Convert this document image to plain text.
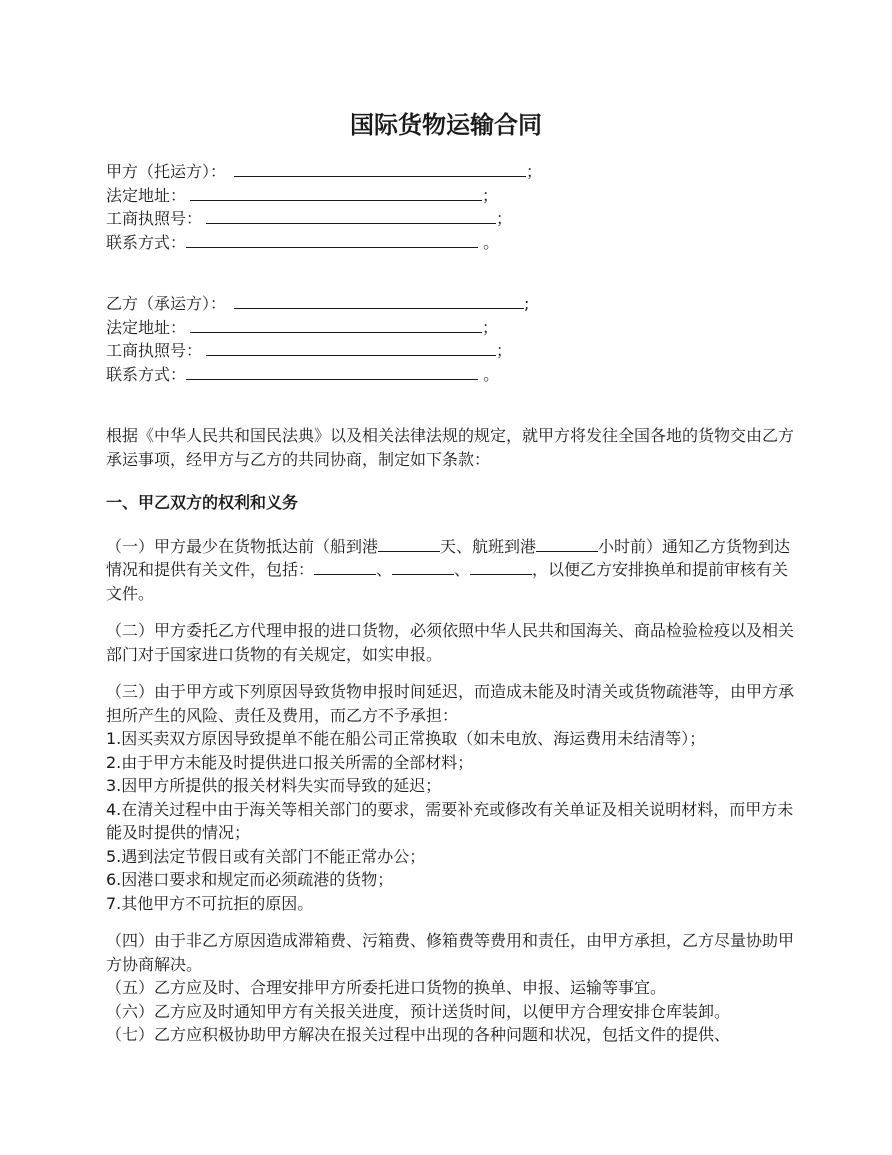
国际货物运输合同
甲方（托运方）：	；
法定地址：	；
工商执照号：	；
联系方式：	。
乙方（承运方）：	;
法定地址：	；
工商执照号：	；
联系方式：	。

根据《中华人民共和国民法典》以及相关法律法规的规定，就甲方将发往全国各地的货物交由乙方承运事项，经甲方与乙方的共同协商，制定如下条款：

一、甲乙双方的权利和义务

（一）甲方最少在货物抵达前（船到港	天、航班到港	小时前）通知乙方货物到达情况和提供有关文件，包括：	、	、	，以便乙方安排换单和提前审核有关文件。

（二）甲方委托乙方代理申报的进口货物，必须依照中华人民共和国海关、商品检验检疫以及相关部门对于国家进口货物的有关规定，如实申报。

（三）由于甲方或下列原因导致货物申报时间延迟，而造成未能及时清关或货物疏港等，由甲方承担所产生的风险、责任及费用，而乙方不予承担：

1.因买卖双方原因导致提单不能在船公司正常换取（如未电放、海运费用未结清等）；
2.由于甲方未能及时提供进口报关所需的全部材料；
3.因甲方所提供的报关材料失实而导致的延迟；
4.在清关过程中由于海关等相关部门的要求，需要补充或修改有关单证及相关说明材料，而甲方未能及时提供的情况；
5.遇到法定节假日或有关部门不能正常办公；
6.因港口要求和规定而必须疏港的货物；
7.其他甲方不可抗拒的原因。

（四）由于非乙方原因造成滞箱费、污箱费、修箱费等费用和责任，由甲方承担，乙方尽量协助甲方协商解决。

（五）乙方应及时、合理安排甲方所委托进口货物的换单、申报、运输等事宜。

（六）乙方应及时通知甲方有关报关进度，预计送货时间，以便甲方合理安排仓库装卸。

（七）乙方应积极协助甲方解决在报关过程中出现的各种问题和状况，包括文件的提供、
